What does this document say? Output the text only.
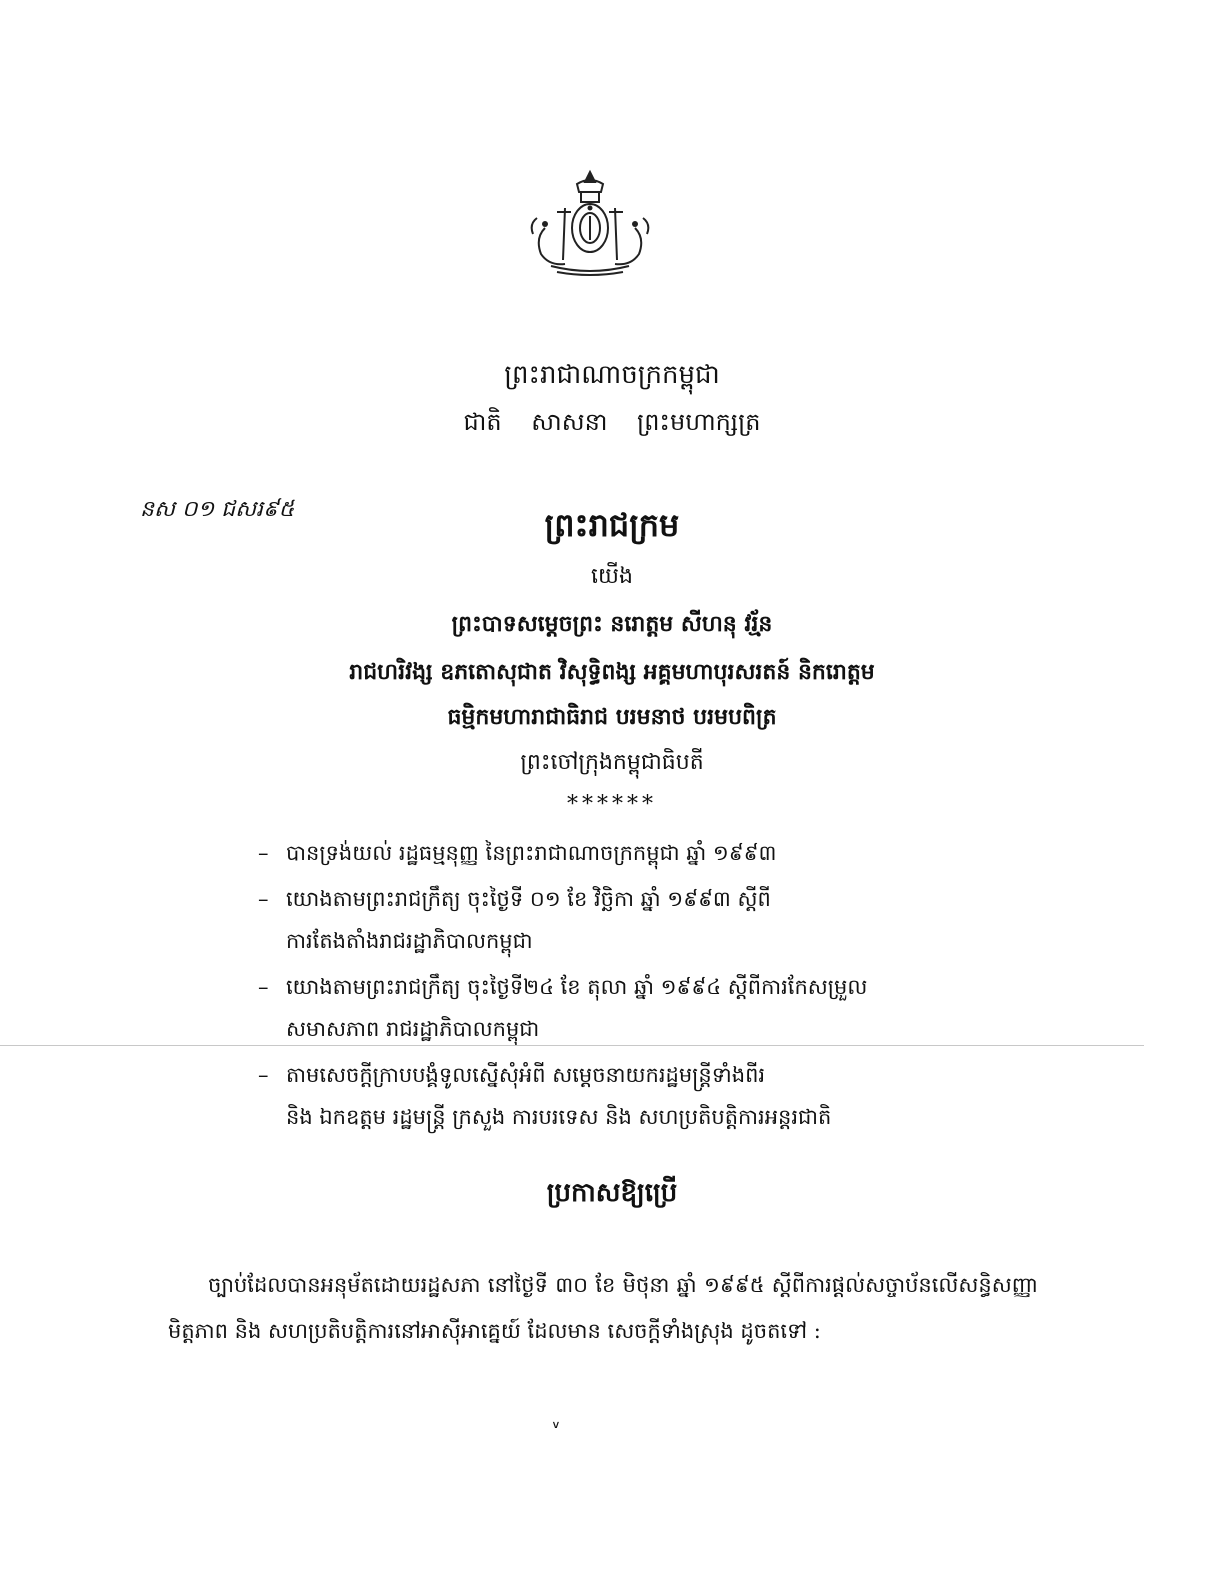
ព្រះរាជាណាចក្រកម្ពុជា
ជាតិ សាសនា ព្រះមហាក្សត្រ
នស ០១ ជសរ៩៥	ព្រះរាជក្រម
យើង
ព្រះបាទសម្ដេចព្រះ នរោត្ដម សីហនុ វរ្ម័ន
រាជហរិវង្ស ឧភតោសុជាត វិសុទ្ធិពង្ស អគ្គមហាបុរសរតន៍ និករោត្ដម
ធម្មិកមហារាជាធិរាជ បរមនាថ បរមបពិត្រ
ព្រះចៅក្រុងកម្ពុជាធិបតី
******
– បានទ្រង់យល់ រដ្ឋធម្មនុញ្ញ នៃព្រះរាជាណាចក្រកម្ពុជា ឆ្នាំ ១៩៩៣
– យោងតាមព្រះរាជក្រឹត្យ ចុះថ្ងៃទី ០១ ខែ វិច្ឆិកា ឆ្នាំ ១៩៩៣ ស្ដីពី
ការតែងតាំងរាជរដ្ឋាភិបាលកម្ពុជា
– យោងតាមព្រះរាជក្រឹត្យ ចុះថ្ងៃទី២៤ ខែ តុលា ឆ្នាំ ១៩៩៤ ស្ដីពីការកែសម្រួល
សមាសភាព រាជរដ្ឋាភិបាលកម្ពុជា
– តាមសេចក្ដីក្រាបបង្គំទូលស្នើសុំអំពី សម្ដេចនាយករដ្ឋមន្ត្រីទាំងពីរ
និង ឯកឧត្ដម រដ្ឋមន្ត្រី ក្រសួង ការបរទេស និង សហប្រតិបត្តិការអន្តរជាតិ
ប្រកាសឱ្យប្រើ
ច្បាប់ដែលបានអនុម័តដោយរដ្ឋសភា នៅថ្ងៃទី ៣០ ខែ មិថុនា ឆ្នាំ ១៩៩៥ ស្ដីពីការផ្ដល់សច្ចាប័នលើសន្ធិសញ្ញាមិត្តភាព និង សហប្រតិបត្តិការនៅអាស៊ីអាគ្នេយ៍ ដែលមាន សេចក្ដីទាំងស្រុង ដូចតទៅ :
៴
